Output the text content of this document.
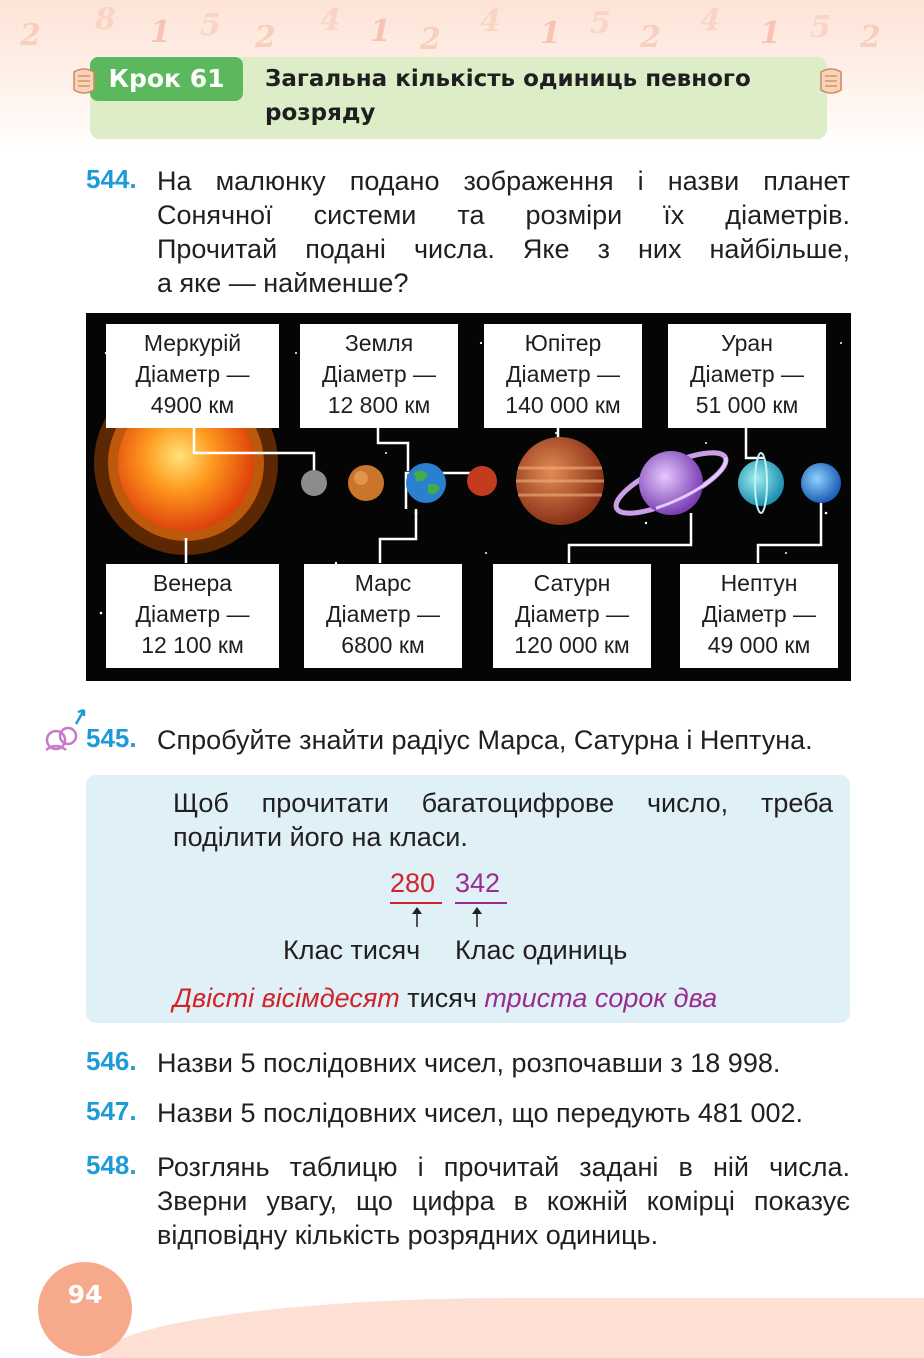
2 8 1 5 2 4 1 2
4 1 5 2 4 1 5 2
Крок 61	Загальна кількість одиниць певного розряду
544. На малюнку подано зображення і назви планет
Сонячної системи та розміри їх діаметрів.
Прочитай подані числа. Яке з них найбільше,
а яке — найменше?
Меркурій
Діаметр —
4900 км
Земля
Діаметр —
12 800 км
Юпітер
Діаметр —
140 000 км
Уран
Діаметр —
51 000 км
Венера
Діаметр —
12 100 км
Марс
Діаметр —
6800 км
Сатурн
Діаметр —
120 000 км
Нептун
Діаметр —
49 000 км
545. Спробуйте знайти радіус Марса, Сатурна і Нептуна.
Щоб прочитати багатоцифрове число, треба
поділити його на класи.
280 342
Клас тисяч Клас одиниць
Двісті вісімдесят тисяч триста сорок два
546. Назви 5 послідовних чисел, розпочавши з 18 998.
547. Назви 5 послідовних чисел, що передують 481 002.
548. Розглянь таблицю і прочитай задані в ній числа.
Зверни увагу, що цифра в кожній комірці показує
відповідну кількість розрядних одиниць.
94
